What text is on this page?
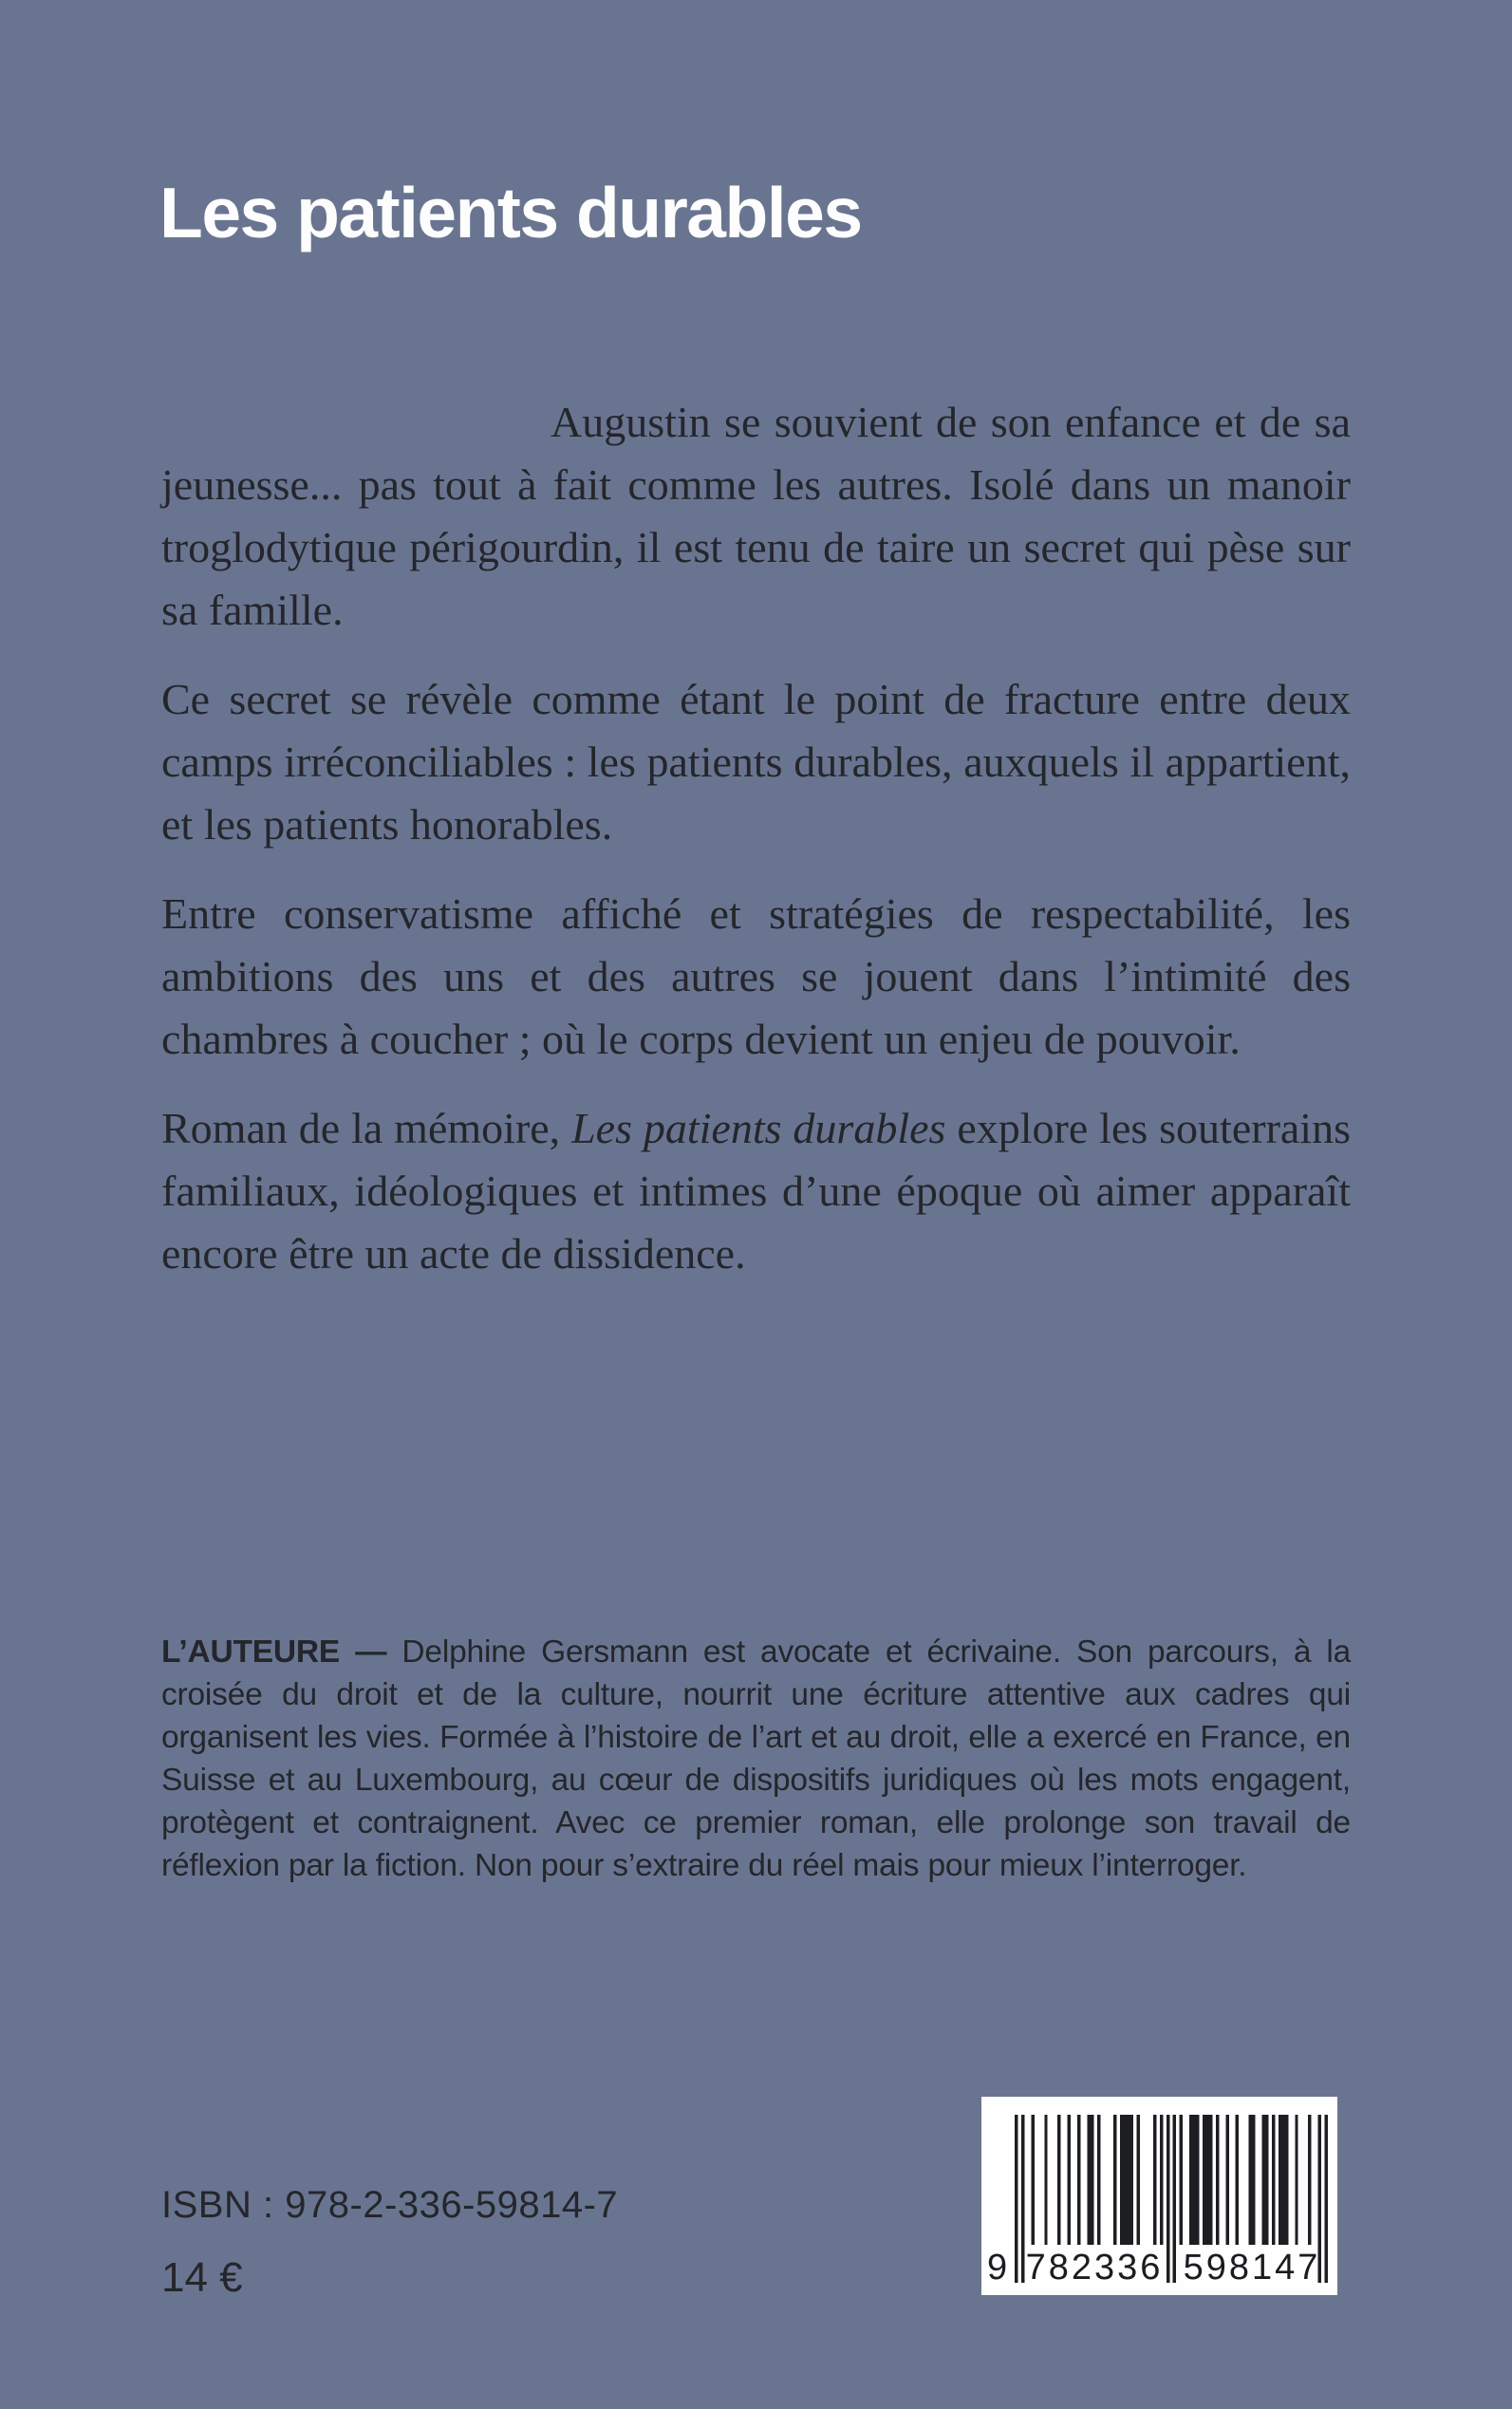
Les patients durables

Augustin se souvient de son enfance et de sa jeunesse... pas tout à fait comme les autres. Isolé dans un manoir troglodytique périgourdin, il est tenu de taire un secret qui pèse sur sa famille.

Ce secret se révèle comme étant le point de fracture entre deux camps irréconciliables : les patients durables, auxquels il appartient, et les patients honorables.

Entre conservatisme affiché et stratégies de respectabilité, les ambitions des uns et des autres se jouent dans l’intimité des chambres à coucher ; où le corps devient un enjeu de pouvoir.

Roman de la mémoire, Les patients durables explore les souterrains familiaux, idéologiques et intimes d’une époque où aimer apparaît encore être un acte de dissidence.

L’AUTEURE — Delphine Gersmann est avocate et écrivaine. Son parcours, à la croisée du droit et de la culture, nourrit une écriture attentive aux cadres qui organisent les vies. Formée à l’histoire de l’art et au droit, elle a exercé en France, en Suisse et au Luxembourg, au cœur de dispositifs juridiques où les mots engagent, protègent et contraignent. Avec ce premier roman, elle prolonge son travail de réflexion par la fiction. Non pour s’extraire du réel mais pour mieux l’interroger.

ISBN : 978-2-336-59814-7
14 €	9 782336 598147
